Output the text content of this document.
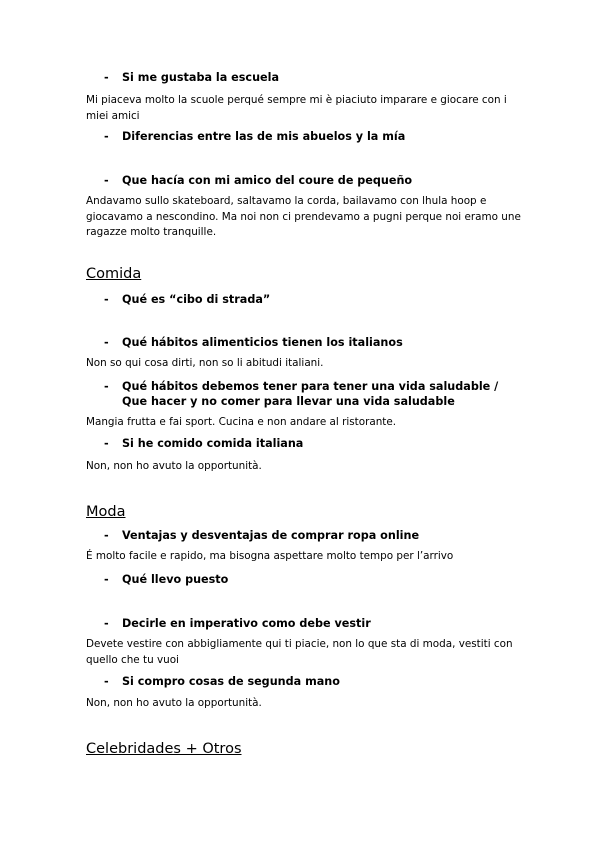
- Si me gustaba la escuela

Mi piaceva molto la scuole perqué sempre mi è piaciuto imparare e giocare con i miei amici

- Diferencias entre las de mis abuelos y la mía

- Que hacía con mi amico del coure de pequeño

Andavamo sullo skateboard, saltavamo la corda, bailavamo con lhula hoop e giocavamo a nescondino. Ma noi non ci prendevamo a pugni perque noi eramo une ragazze molto tranquille.

Comida

- Qué es “cibo di strada”

- Qué hábitos alimenticios tienen los italianos

Non so qui cosa dirti, non so li abitudi italiani.

- Qué hábitos debemos tener para tener una vida saludable /
Que hacer y no comer para llevar una vida saludable

Mangia frutta e fai sport. Cucina e non andare al ristorante.

- Si he comido comida italiana

Non, non ho avuto la opportunità.

Moda

- Ventajas y desventajas de comprar ropa online

É molto facile e rapido, ma bisogna aspettare molto tempo per l’arrivo

- Qué llevo puesto

- Decirle en imperativo como debe vestir

Devete vestire con abbigliamente qui ti piacie, non lo que sta di moda, vestiti con quello che tu vuoi

- Si compro cosas de segunda mano

Non, non ho avuto la opportunità.

Celebridades + Otros
